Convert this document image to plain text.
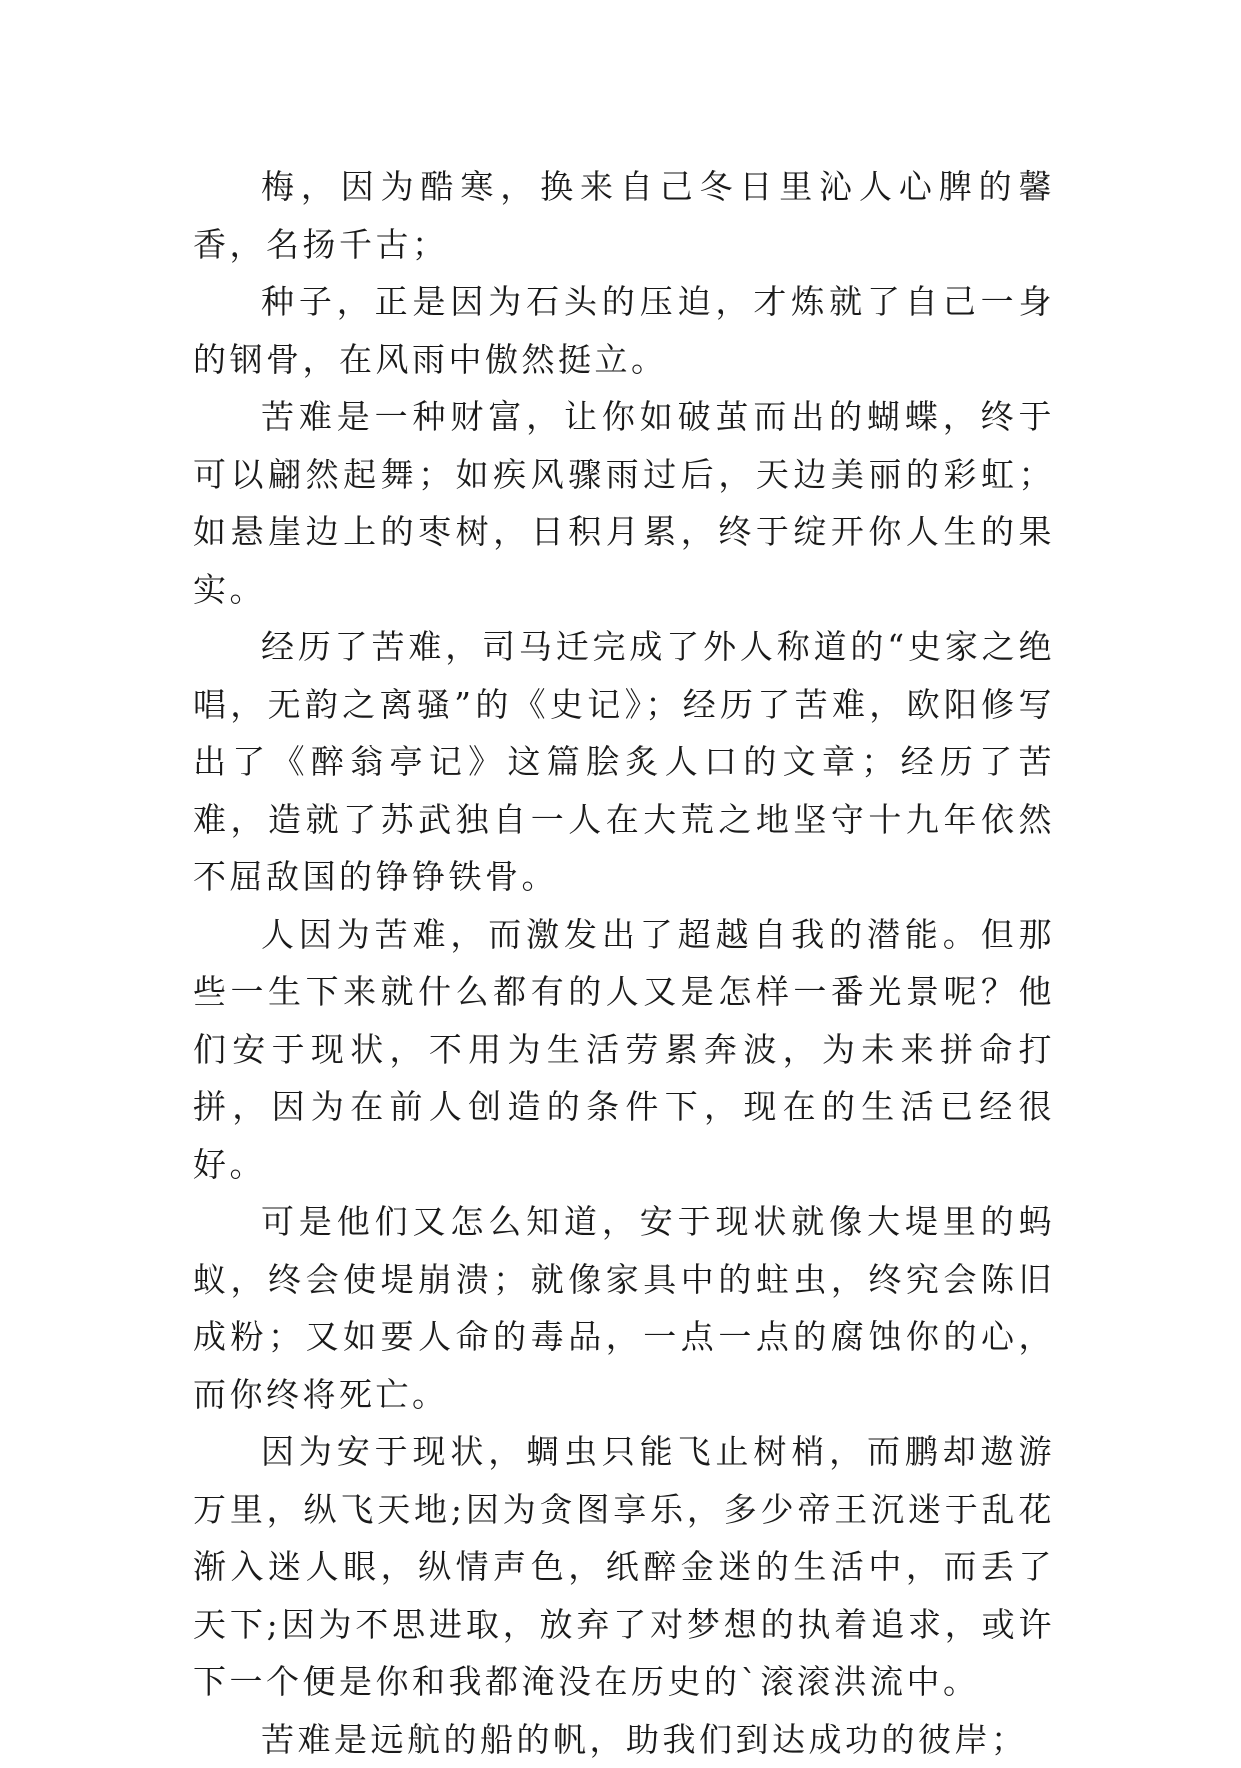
梅，因为酷寒，换来自己冬日里沁人心脾的馨香，名扬千古；

种子，正是因为石头的压迫，才炼就了自己一身的钢骨，在风雨中傲然挺立。

苦难是一种财富，让你如破茧而出的蝴蝶，终于可以翩然起舞；如疾风骤雨过后，天边美丽的彩虹；如悬崖边上的枣树，日积月累，终于绽开你人生的果实。

经历了苦难，司马迁完成了外人称道的“史家之绝唱，无韵之离骚”的《史记》；经历了苦难，欧阳修写出了《醉翁亭记》这篇脍炙人口的文章；经历了苦难，造就了苏武独自一人在大荒之地坚守十九年依然不屈敌国的铮铮铁骨。

人因为苦难，而激发出了超越自我的潜能。但那些一生下来就什么都有的人又是怎样一番光景呢？他们安于现状，不用为生活劳累奔波，为未来拼命打拼，因为在前人创造的条件下，现在的生活已经很好。

可是他们又怎么知道，安于现状就像大堤里的蚂蚁，终会使堤崩溃；就像家具中的蛀虫，终究会陈旧成粉；又如要人命的毒品，一点一点的腐蚀你的心，而你终将死亡。

因为安于现状，蜩虫只能飞止树梢，而鹏却遨游万里，纵飞天地;因为贪图享乐，多少帝王沉迷于乱花渐入迷人眼，纵情声色，纸醉金迷的生活中，而丢了天下;因为不思进取，放弃了对梦想的执着追求，或许下一个便是你和我都淹没在历史的`滚滚洪流中。

苦难是远航的船的帆，助我们到达成功的彼岸；
